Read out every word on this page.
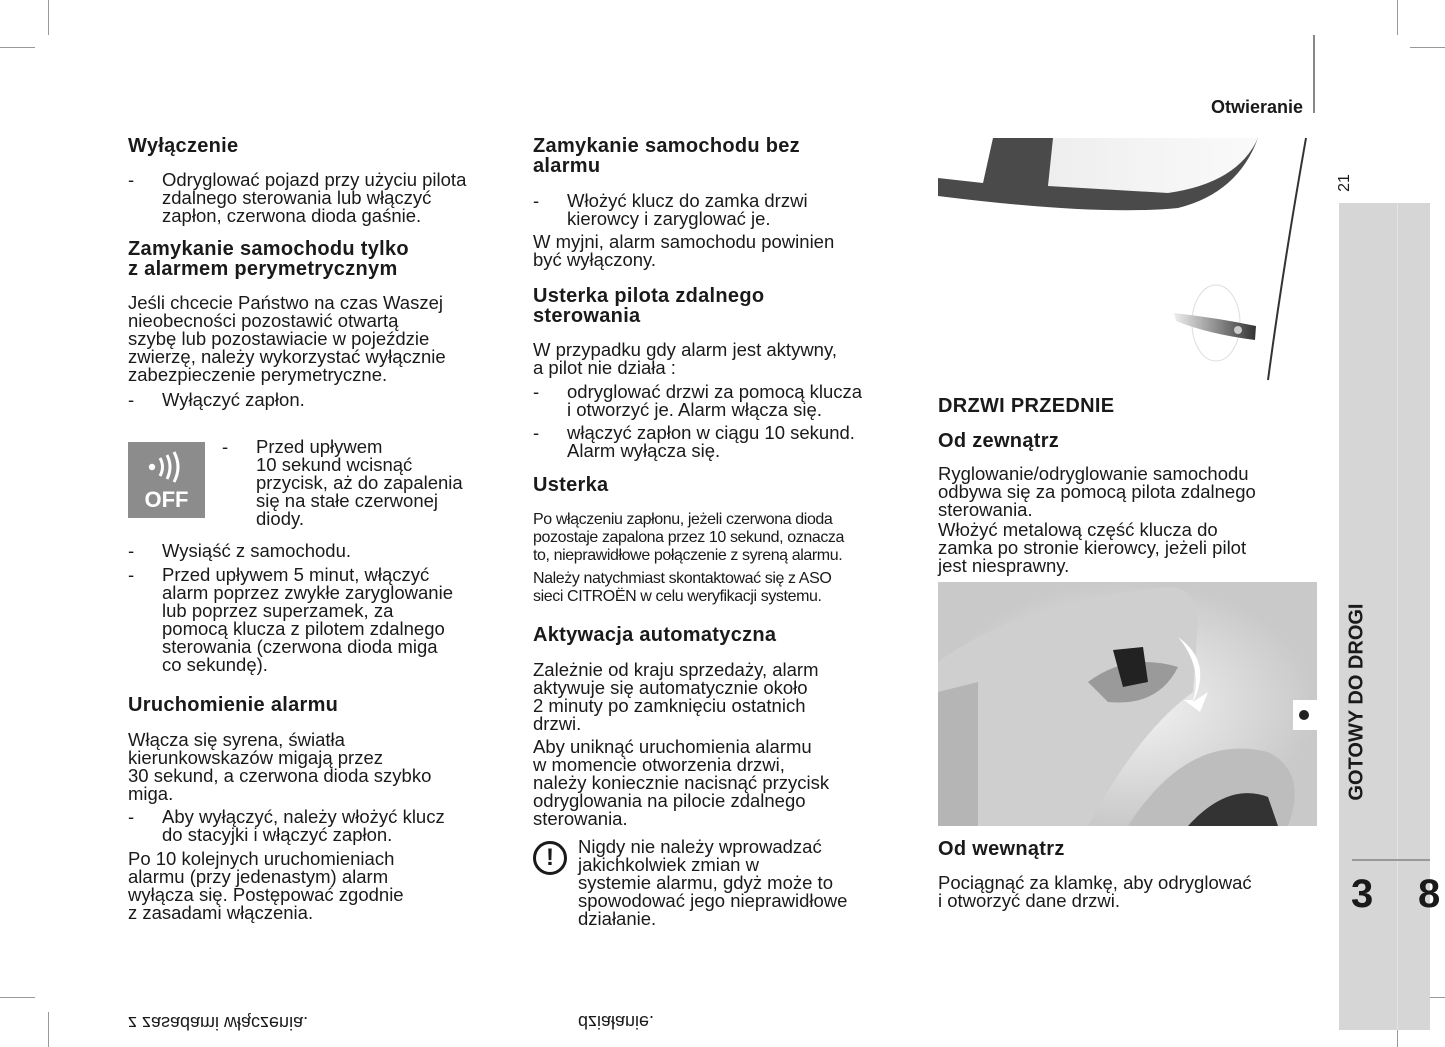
Otwieranie
21
GOTOWY DO DROGI
3 8
Wyłączenie
- Odryglować pojazd przy użyciu pilota
zdalnego sterowania lub włączyć
zapłon, czerwona dioda gaśnie.
Zamykanie samochodu tylko
z alarmem perymetrycznym
Jeśli chcecie Państwo na czas Waszej
nieobecności pozostawić otwartą
szybę lub pozostawiacie w pojeździe
zwierzę, należy wykorzystać wyłącznie
zabezpieczenie perymetryczne.
- Wyłączyć zapłon.
OFF
- Przed upływem
10 sekund wcisnąć
przycisk, aż do zapalenia
się na stałe czerwonej
diody.
- Wysiąść z samochodu.
- Przed upływem 5 minut, włączyć
alarm poprzez zwykłe zaryglowanie
lub poprzez superzamek, za
pomocą klucza z pilotem zdalnego
sterowania (czerwona dioda miga
co sekundę).
Uruchomienie alarmu
Włącza się syrena, światła
kierunkowskazów migają przez
30 sekund, a czerwona dioda szybko
miga.
- Aby wyłączyć, należy włożyć klucz
do stacyjki i włączyć zapłon.
Po 10 kolejnych uruchomieniach
alarmu (przy jedenastym) alarm
wyłącza się. Postępować zgodnie
z zasadami włączenia.
Zamykanie samochodu bez
alarmu
- Włożyć klucz do zamka drzwi
kierowcy i zaryglować je.
W myjni, alarm samochodu powinien
być wyłączony.
Usterka pilota zdalnego
sterowania
W przypadku gdy alarm jest aktywny,
a pilot nie działa :
- odryglować drzwi za pomocą klucza
i otworzyć je. Alarm włącza się.
- włączyć zapłon w ciągu 10 sekund.
Alarm wyłącza się.
Usterka
Po włączeniu zapłonu, jeżeli czerwona dioda
pozostaje zapalona przez 10 sekund, oznacza
to, nieprawidłowe połączenie z syreną alarmu.
Należy natychmiast skontaktować się z ASO
sieci CITROËN w celu weryfikacji systemu.
Aktywacja automatyczna
Zależnie od kraju sprzedaży, alarm
aktywuje się automatycznie około
2 minuty po zamknięciu ostatnich
drzwi.
Aby uniknąć uruchomienia alarmu
w momencie otworzenia drzwi,
należy koniecznie nacisnąć przycisk
odryglowania na pilocie zdalnego
sterowania.
!	Nigdy nie należy wprowadzać
jakichkolwiek zmian w
systemie alarmu, gdyż może to
spowodować jego nieprawidłowe
działanie.
DRZWI PRZEDNIE
Od zewnątrz
Ryglowanie/odryglowanie samochodu
odbywa się za pomocą pilota zdalnego
sterowania.
Włożyć metalową część klucza do
zamka po stronie kierowcy, jeżeli pilot
jest niesprawny.
Od wewnątrz
Pociągnąć za klamkę, aby odryglować
i otworzyć dane drzwi.
z zasadami włączenia.	działanie.
